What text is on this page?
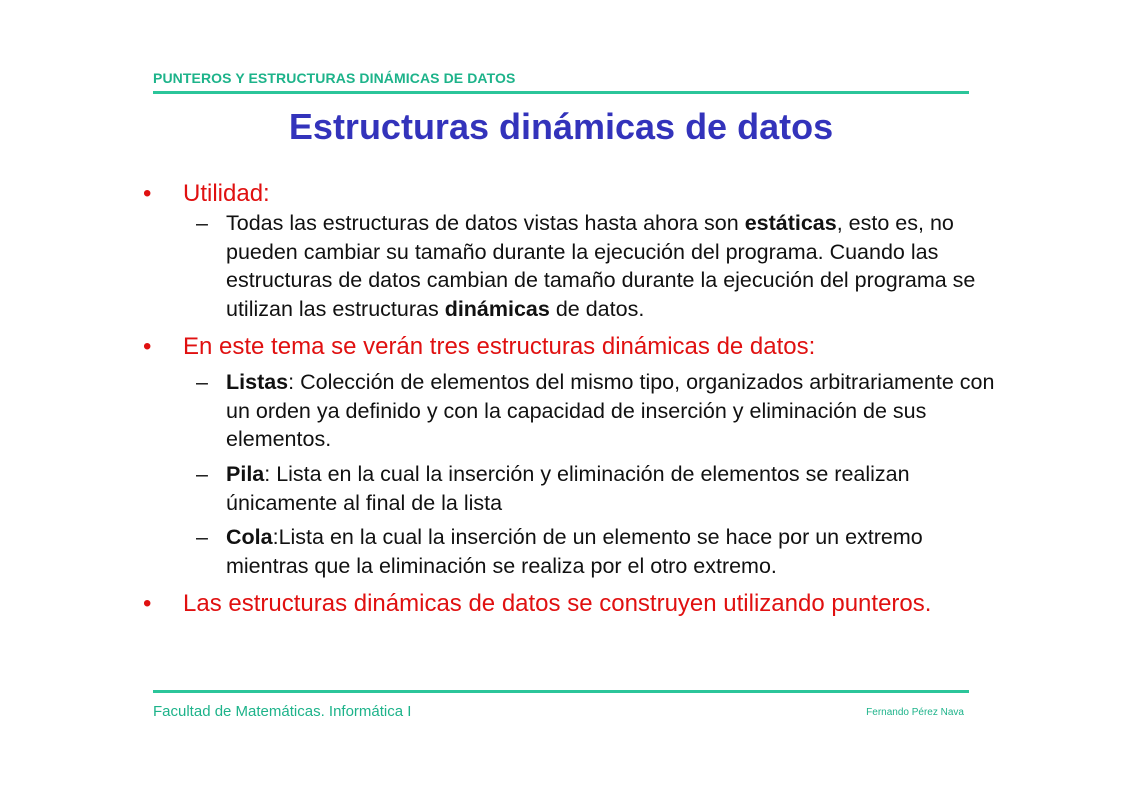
PUNTEROS Y ESTRUCTURAS DINÁMICAS DE DATOS
Estructuras dinámicas de datos
• Utilidad:
– Todas las estructuras de datos vistas hasta ahora son estáticas, esto es, no pueden cambiar su tamaño durante la ejecución del programa. Cuando las estructuras de datos cambian de tamaño durante la ejecución del programa se utilizan las estructuras dinámicas de datos.
• En este tema se verán tres estructuras dinámicas de datos:
– Listas: Colección de elementos del mismo tipo, organizados arbitrariamente con un orden ya definido y con la capacidad de inserción y eliminación de sus elementos.
– Pila: Lista en la cual la inserción y eliminación de elementos se realizan únicamente al final de la lista
– Cola:Lista en la cual la inserción de un elemento se hace por un extremo mientras que la eliminación se realiza por el otro extremo.
• Las estructuras dinámicas de datos se construyen utilizando punteros.
Facultad de Matemáticas. Informática I	Fernando Pérez Nava
